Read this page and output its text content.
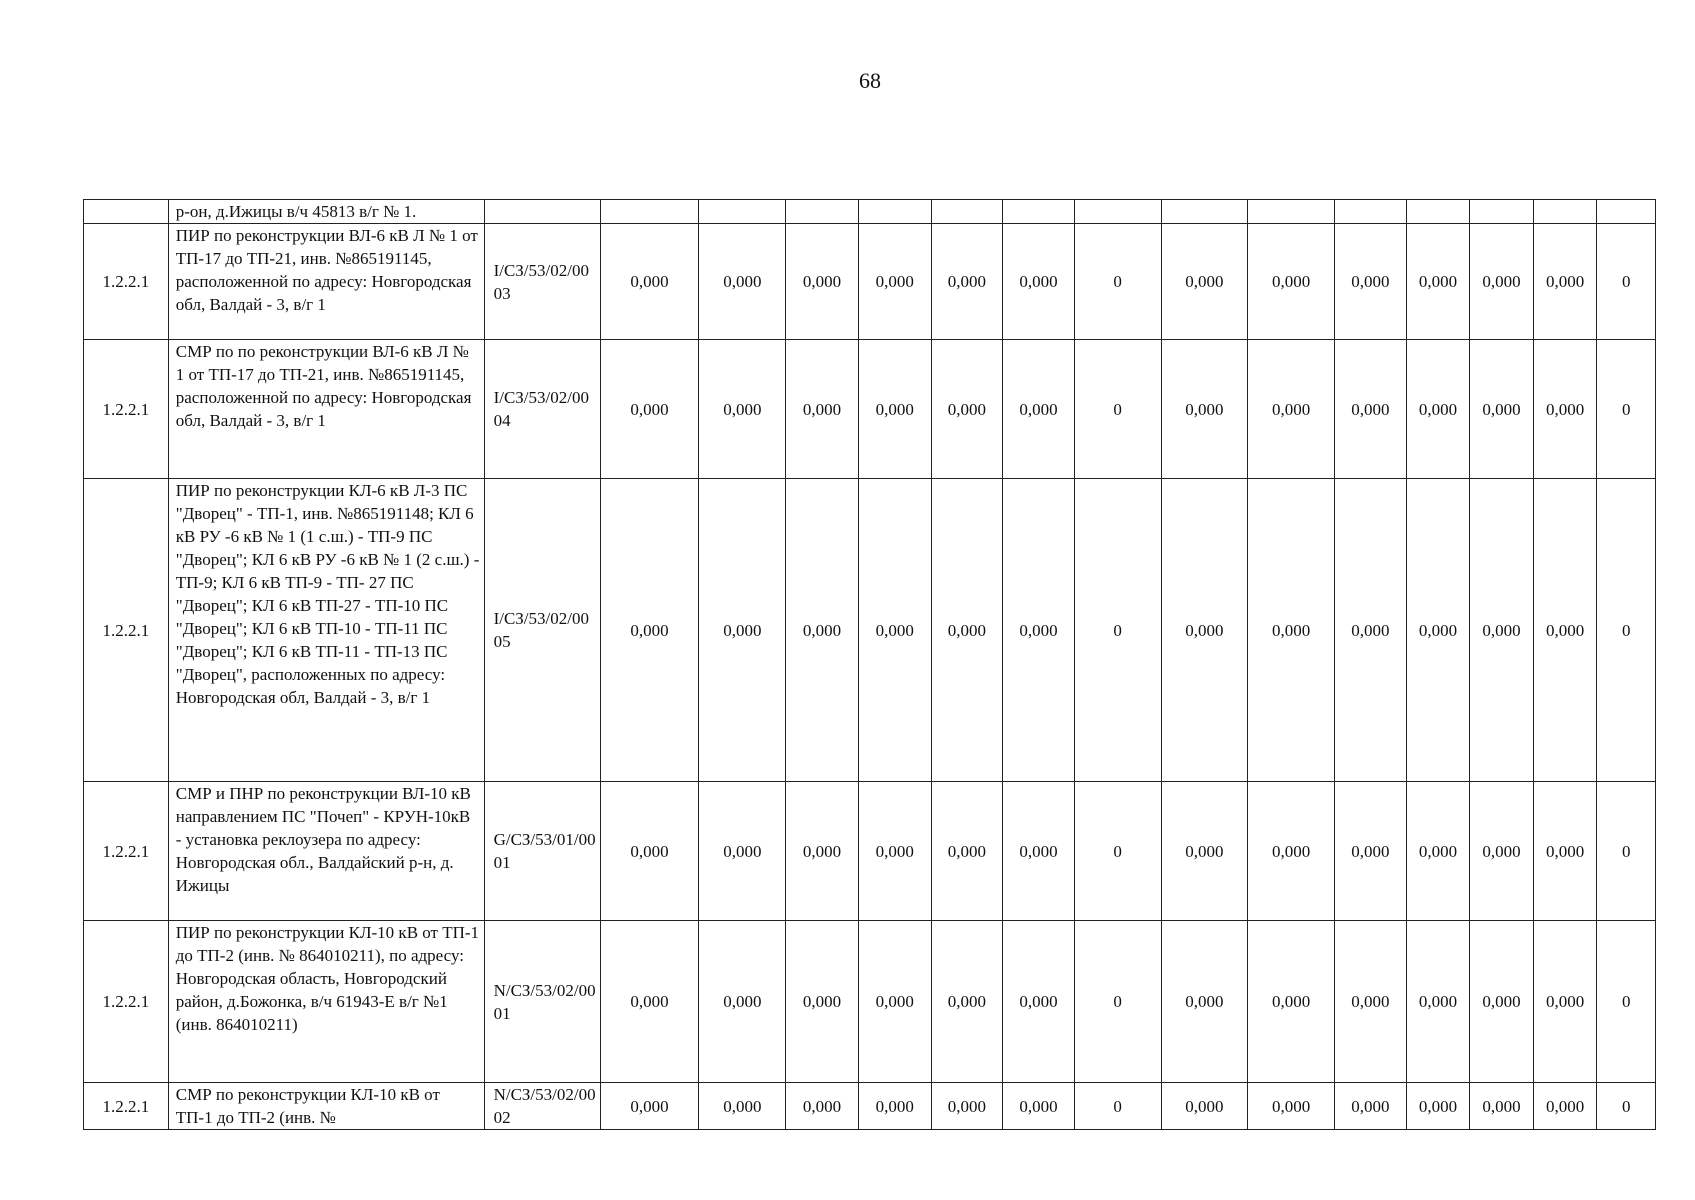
68
	р-он, д.Ижицы в/ч 45813 в/г № 1.															
1.2.2.1	ПИР по реконструкции ВЛ-6 кВ Л № 1 от ТП-17 до ТП-21, инв. №865191145, расположенной по адресу: Новгородская обл, Валдай - 3, в/г 1	I/СЗ/53/02/0003	0,000	0,000	0,000	0,000	0,000	0,000	0	0,000	0,000	0,000	0,000	0,000	0,000	0
1.2.2.1	СМР по по реконструкции ВЛ-6 кВ Л № 1 от ТП-17 до ТП-21, инв. №865191145, расположенной по адресу: Новгородская обл, Валдай - 3, в/г 1	I/СЗ/53/02/0004	0,000	0,000	0,000	0,000	0,000	0,000	0	0,000	0,000	0,000	0,000	0,000	0,000	0
1.2.2.1	ПИР по реконструкции КЛ-6 кВ Л-3 ПС "Дворец" - ТП-1, инв. №865191148; КЛ 6 кВ РУ -6 кВ № 1 (1 с.ш.) - ТП-9 ПС "Дворец"; КЛ 6 кВ РУ -6 кВ № 1 (2 с.ш.) - ТП-9; КЛ 6 кВ ТП-9 - ТП- 27 ПС "Дворец"; КЛ 6 кВ ТП-27 - ТП-10 ПС "Дворец"; КЛ 6 кВ ТП-10 - ТП-11 ПС "Дворец"; КЛ 6 кВ ТП-11 - ТП-13 ПС "Дворец", расположенных по адресу: Новгородская обл, Валдай - 3, в/г 1	I/СЗ/53/02/0005	0,000	0,000	0,000	0,000	0,000	0,000	0	0,000	0,000	0,000	0,000	0,000	0,000	0
1.2.2.1	СМР и ПНР по реконструкции ВЛ-10 кВ направлением ПС "Почеп" - КРУН-10кВ - установка реклоузера по адресу: Новгородская обл., Валдайский р-н, д. Ижицы	G/СЗ/53/01/0001	0,000	0,000	0,000	0,000	0,000	0,000	0	0,000	0,000	0,000	0,000	0,000	0,000	0
1.2.2.1	ПИР по реконструкции КЛ-10 кВ от ТП-1 до ТП-2 (инв. № 864010211), по адресу: Новгородская область, Новгородский район, д.Божонка, в/ч 61943-Е в/г №1 (инв. 864010211)	N/СЗ/53/02/0001	0,000	0,000	0,000	0,000	0,000	0,000	0	0,000	0,000	0,000	0,000	0,000	0,000	0
1.2.2.1	СМР по реконструкции КЛ-10 кВ от ТП-1 до ТП-2 (инв. №	N/СЗ/53/02/0002	0,000	0,000	0,000	0,000	0,000	0,000	0	0,000	0,000	0,000	0,000	0,000	0,000	0
